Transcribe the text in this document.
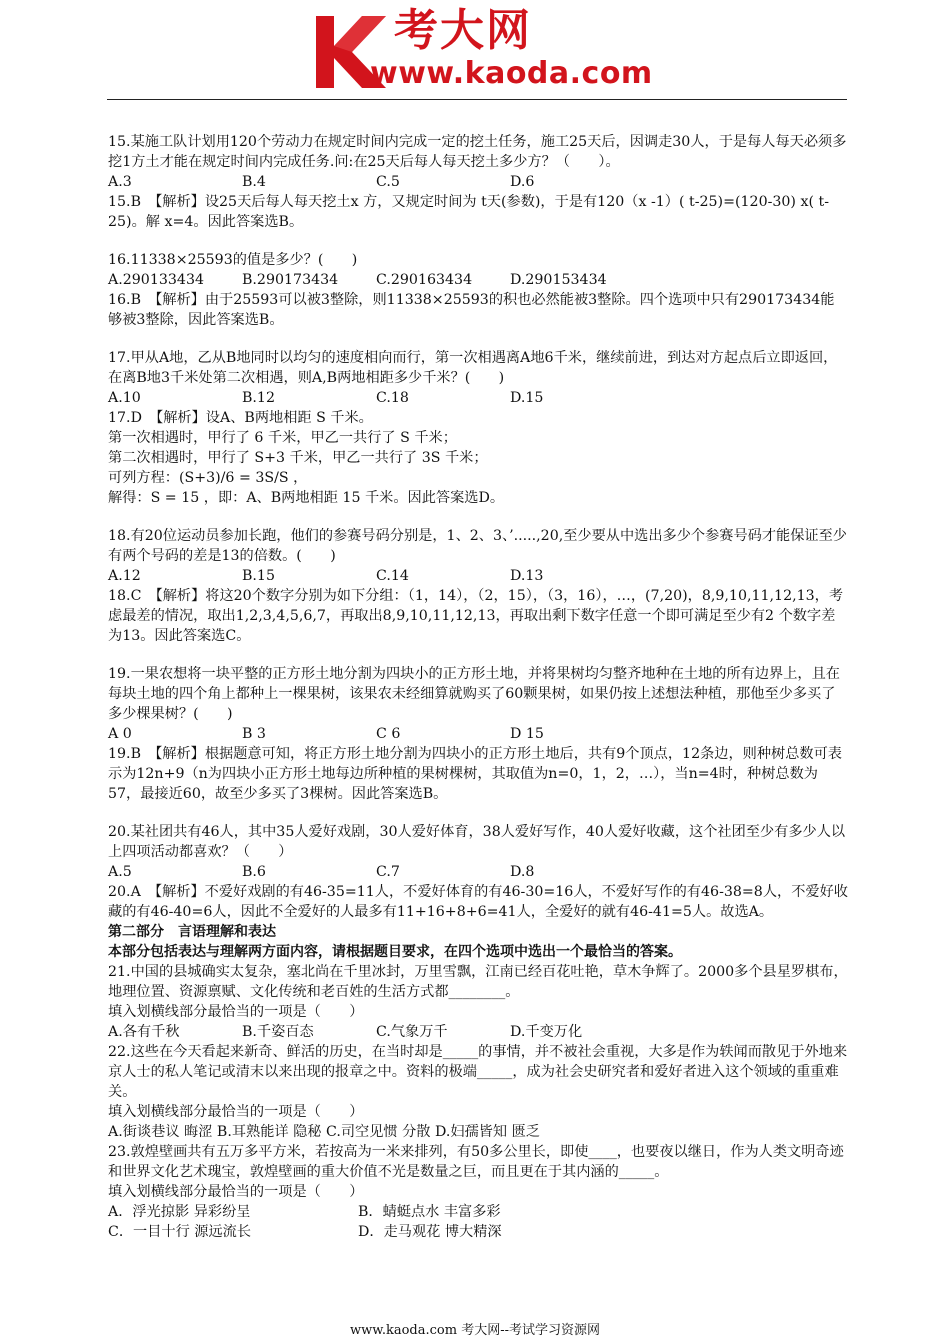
考大网
www.kaoda.com

15.某施工队计划用120个劳动力在规定时间内完成一定的挖土任务，施工25天后，因调走30人，于是每人每天必须多挖1方土才能在规定时间内完成任务.问:在25天后每人每天挖土多少方？（　　）。

A.3	B.4	C.5	D.6

15.B　【解析】设25天后每人每天挖土x 方，又规定时间为 t天(参数)，于是有120（x -1）( t-25)=(120-30) x( t-25)。解 x=4。因此答案选B。

16.11338×25593的值是多少？(　　)

A.290133434	B.290173434	C.290163434	D.290153434

16.B　【解析】由于25593可以被3整除，则11338×25593的积也必然能被3整除。四个选项中只有290173434能够被3整除，因此答案选B。

17.甲从A地，乙从B地同时以均匀的速度相向而行，第一次相遇离A地6千米，继续前进，到达对方起点后立即返回，在离B地3千米处第二次相遇，则A,B两地相距多少千米？(　　)

A.10	B.12	C.18	D.15

17.D　【解析】设A、B两地相距 S 千米。

第一次相遇时，甲行了 6 千米，甲乙一共行了 S 千米；

第二次相遇时，甲行了 S+3 千米，甲乙一共行了 3S 千米；

可列方程：(S+3)/6 = 3S/S ，

解得：S = 15 ，即：A、B两地相距 15 千米。因此答案选D。

18.有20位运动员参加长跑，他们的参赛号码分别是，1、2、3、’.....,20,至少要从中选出多少个参赛号码才能保证至少有两个号码的差是13的倍数。(　　)

A.12	B.15	C.14	D.13

18.C　【解析】将这20个数字分别为如下分组：（1，14），（2，15），（3，16），…，(7,20)，8,9,10,11,12,13，考虑最差的情况，取出1,2,3,4,5,6,7，再取出8,9,10,11,12,13，再取出剩下数字任意一个即可满足至少有2 个数字差为13。因此答案选C。

19.一果农想将一块平整的正方形土地分割为四块小的正方形土地，并将果树均匀整齐地种在土地的所有边界上，且在每块土地的四个角上都种上一棵果树，该果农未经细算就购买了60颗果树，如果仍按上述想法种植，那他至少多买了多少棵果树？(　　)

A 0	B 3	C 6	D 15

19.B　【解析】根据题意可知，将正方形土地分割为四块小的正方形土地后，共有9个顶点，12条边，则种树总数可表示为12n+9（n为四块小正方形土地每边所种植的果树棵树，其取值为n=0，1，2，…），当n=4时，种树总数为57，最接近60，故至少多买了3棵树。因此答案选B。

20.某社团共有46人，其中35人爱好戏剧，30人爱好体育，38人爱好写作，40人爱好收藏，这个社团至少有多少人以上四项活动都喜欢？（　　）

A.5	B.6	C.7	D.8

20.A　【解析】不爱好戏剧的有46-35=11人，不爱好体育的有46-30=16人，不爱好写作的有46-38=8人，不爱好收藏的有46-40=6人，因此不全爱好的人最多有11+16+8+6=41人，全爱好的就有46-41=5人。故选A。

第二部分　言语理解和表达

本部分包括表达与理解两方面内容，请根据题目要求，在四个选项中选出一个最恰当的答案。

21.中国的县城确实太复杂，塞北尚在千里冰封，万里雪飘，江南已经百花吐艳，草木争辉了。2000多个县星罗棋布，地理位置、资源禀赋、文化传统和老百姓的生活方式都________。

填入划横线部分最恰当的一项是（　　）

A.各有千秋	B.千姿百态	C.气象万千	D.千变万化

22.这些在今天看起来新奇、鲜活的历史，在当时却是_____的事情，并不被社会重视，大多是作为轶闻而散见于外地来京人士的私人笔记或清末以来出现的报章之中。资料的极端_____，成为社会史研究者和爱好者进入这个领域的重重难关。

填入划横线部分最恰当的一项是（　　）

A.街谈巷议 晦涩 B.耳熟能详 隐秘 C.司空见惯 分散 D.妇孺皆知 匮乏

23.敦煌壁画共有五万多平方米，若按高为一米来排列，有50多公里长，即使____，也要夜以继日，作为人类文明奇迹和世界文化艺术瑰宝，敦煌壁画的重大价值不光是数量之巨，而且更在于其内涵的_____。

填入划横线部分最恰当的一项是（　　）

A．浮光掠影 异彩纷呈	B．蜻蜓点水 丰富多彩
C．一目十行 源远流长	D．走马观花 博大精深
www.kaoda.com 考大网--考试学习资源网
